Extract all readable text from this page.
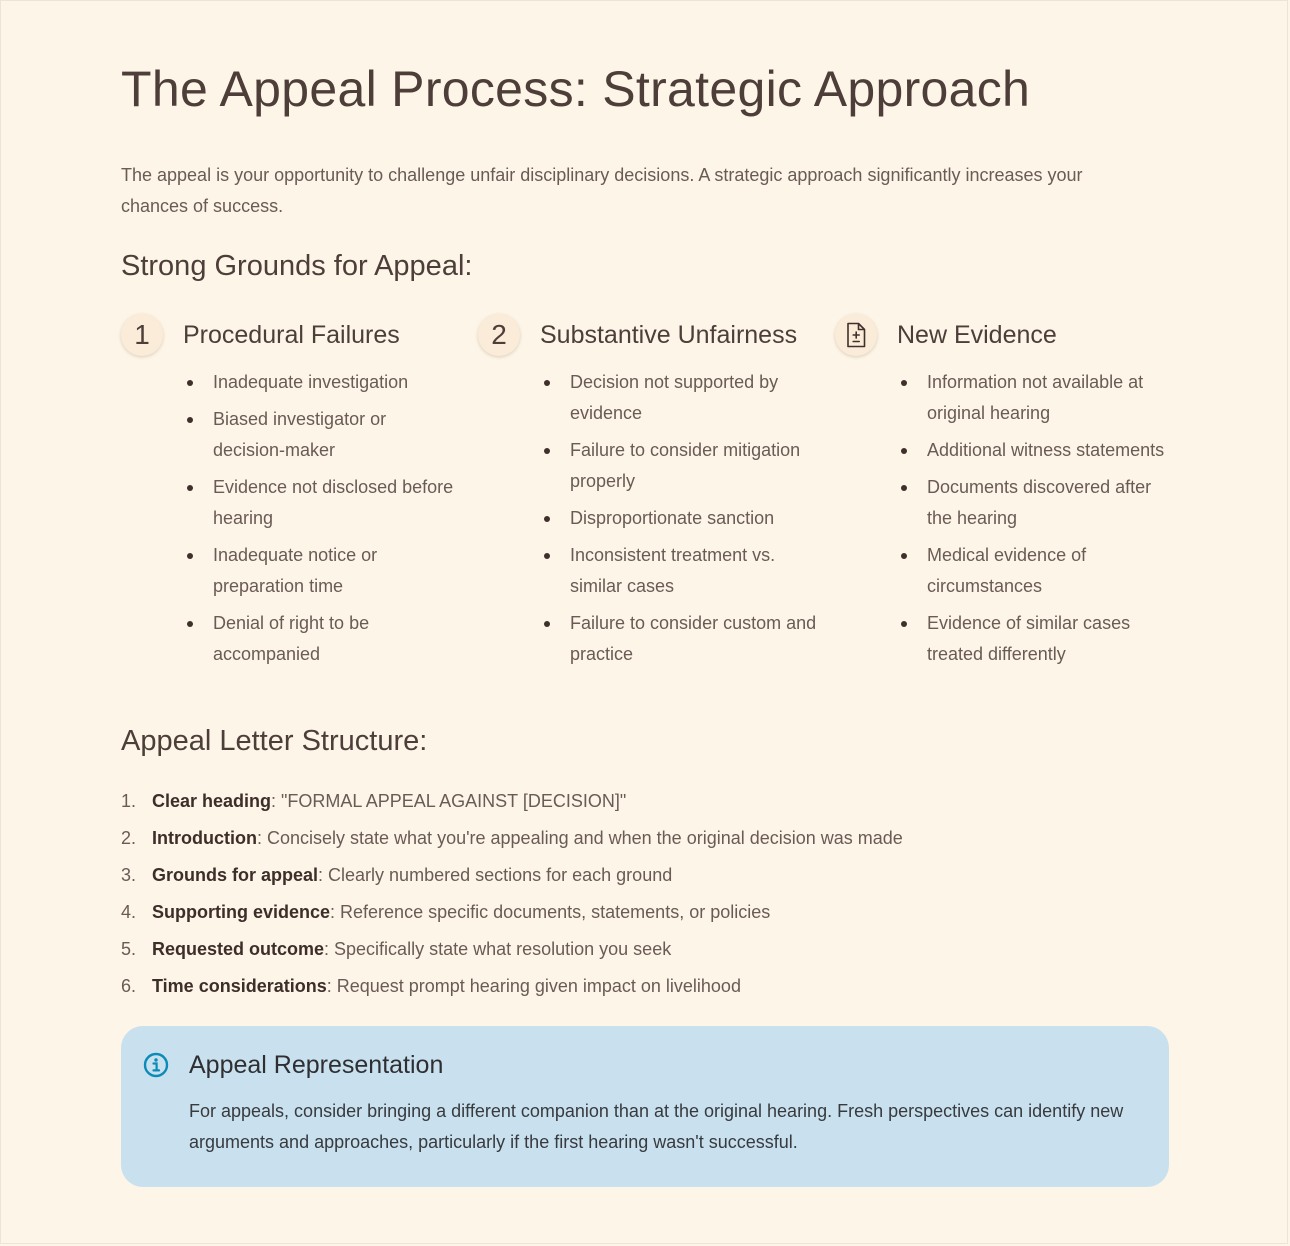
The Appeal Process: Strategic Approach

The appeal is your opportunity to challenge unfair disciplinary decisions. A strategic approach significantly increases your chances of success.

Strong Grounds for Appeal:
1	Procedural Failures
Inadequate investigation
Biased investigator or decision-maker
Evidence not disclosed before hearing
Inadequate notice or preparation time
Denial of right to be accompanied
2	Substantive Unfairness
Decision not supported by evidence
Failure to consider mitigation properly
Disproportionate sanction
Inconsistent treatment vs. similar cases
Failure to consider custom and practice
New Evidence
Information not available at original hearing
Additional witness statements
Documents discovered after the hearing
Medical evidence of circumstances
Evidence of similar cases treated differently
Appeal Letter Structure:
1. Clear heading: "FORMAL APPEAL AGAINST [DECISION]"
2. Introduction: Concisely state what you're appealing and when the original decision was made
3. Grounds for appeal: Clearly numbered sections for each ground
4. Supporting evidence: Reference specific documents, statements, or policies
5. Requested outcome: Specifically state what resolution you seek
6. Time considerations: Request prompt hearing given impact on livelihood
Appeal Representation
For appeals, consider bringing a different companion than at the original hearing. Fresh perspectives can identify new arguments and approaches, particularly if the first hearing wasn't successful.
